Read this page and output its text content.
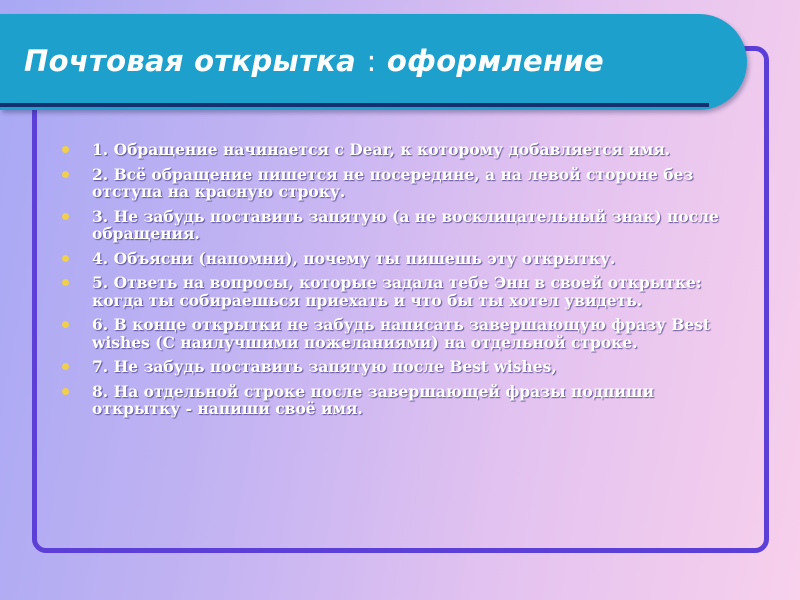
Почтовая открытка : оформление
1. Обращение начинается с Dear, к которому добавляется имя.
2. Всё обращение пишется не посередине, а на левой стороне без отступа на красную строку.
3. Не забудь поставить запятую (а не восклицательный знак) после обращения.
4. Объясни (напомни), почему ты пишешь эту открытку.
5. Ответь на вопросы, которые задала тебе Энн в своей открытке: когда ты собираешься приехать и что бы ты хотел увидеть.
6. В конце открытки не забудь написать завершающую фразу Best wishes (С наилучшими пожеланиями) на отдельной строке.
7. Не забудь поставить запятую после Best wishes,
8. На отдельной строке после завершающей фразы подпиши открытку - напиши своё имя.
